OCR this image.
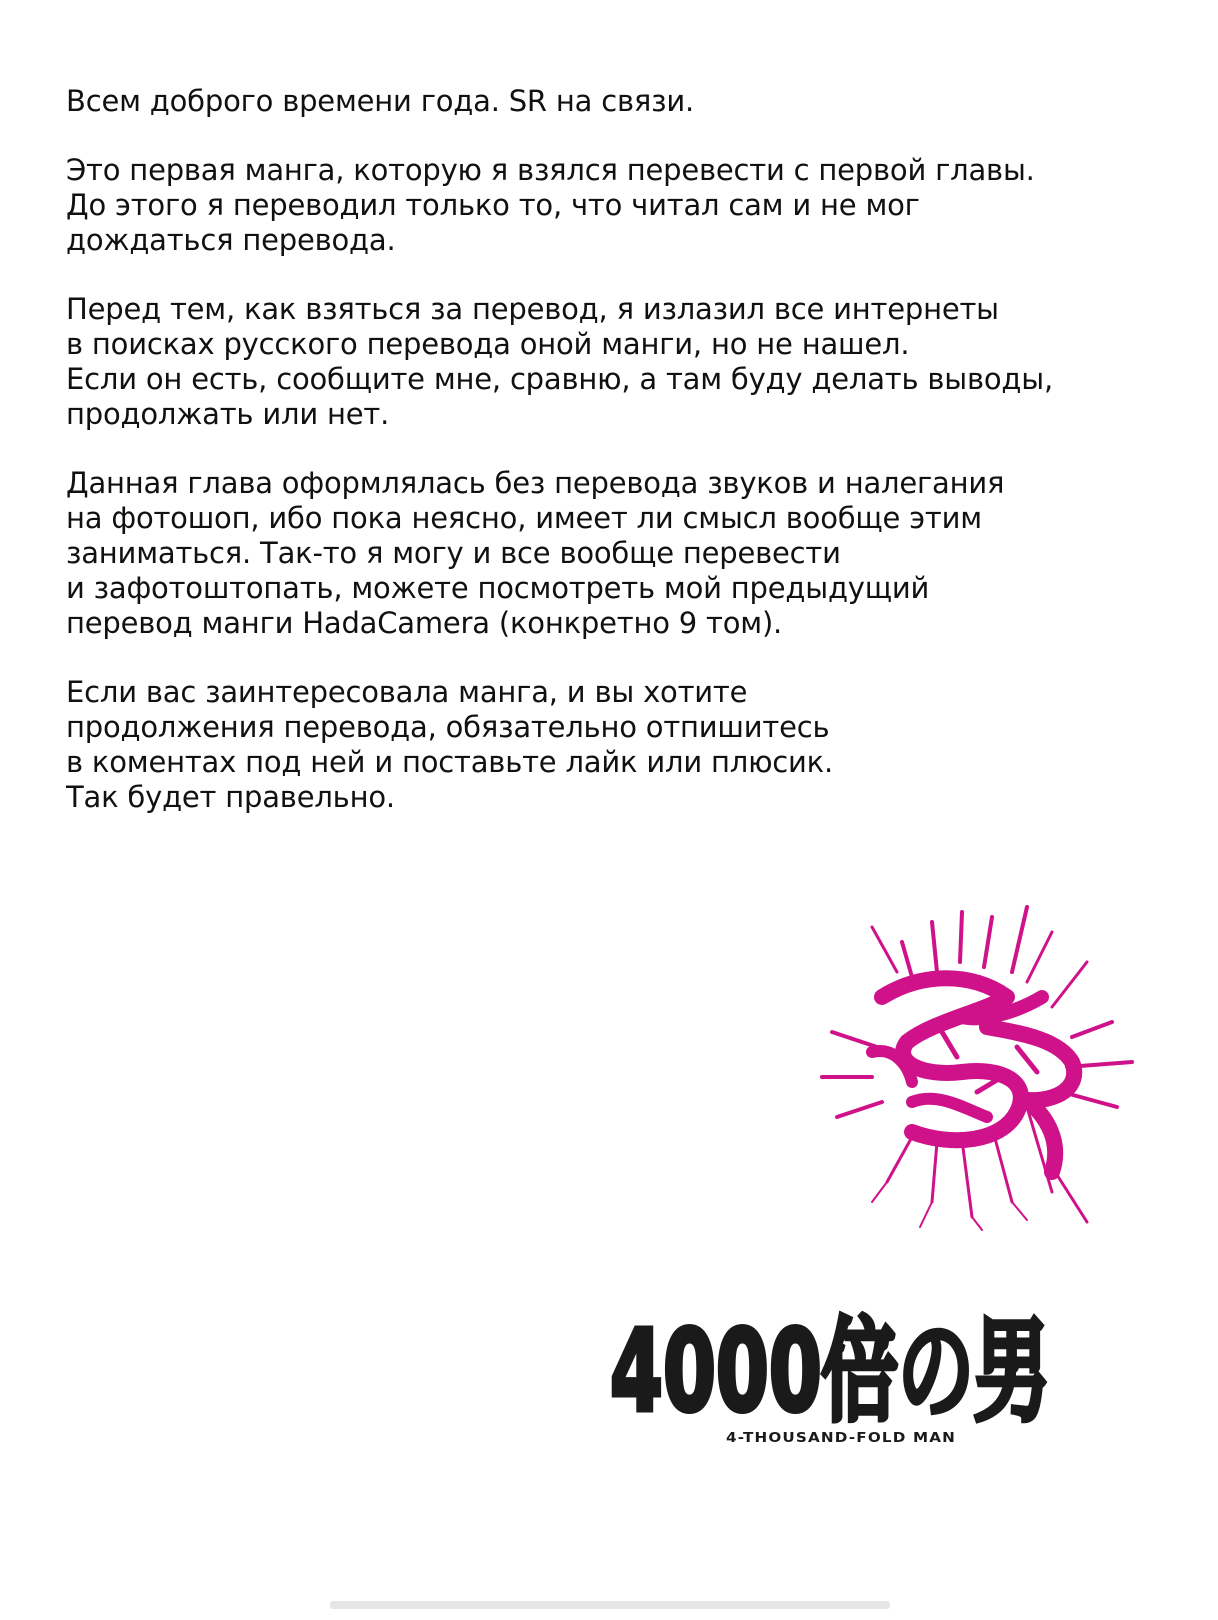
Всем доброго времени года. SR на связи.

Это первая манга, которую я взялся перевести с первой главы.
До этого я переводил только то, что читал сам и не мог
дождаться перевода.

Перед тем, как взяться за перевод, я излазил все интернеты
в поисках русского перевода оной манги, но не нашел.
Если он есть, сообщите мне, сравню, а там буду делать выводы,
продолжать или нет.

Данная глава оформлялась без перевода звуков и налегания
на фотошоп, ибо пока неясно, имеет ли смысл вообще этим
заниматься. Так-то я могу и все вообще перевести
и зафотоштопать, можете посмотреть мой предыдущий
перевод манги HadaCamera (конкретно 9 том).

Если вас заинтересовала манга, и вы хотите
продолжения перевода, обязательно отпишитесь
в коментах под ней и поставьте лайк или плюсик.
Так будет правельно.

4000倍の男
4-THOUSAND-FOLD MAN
